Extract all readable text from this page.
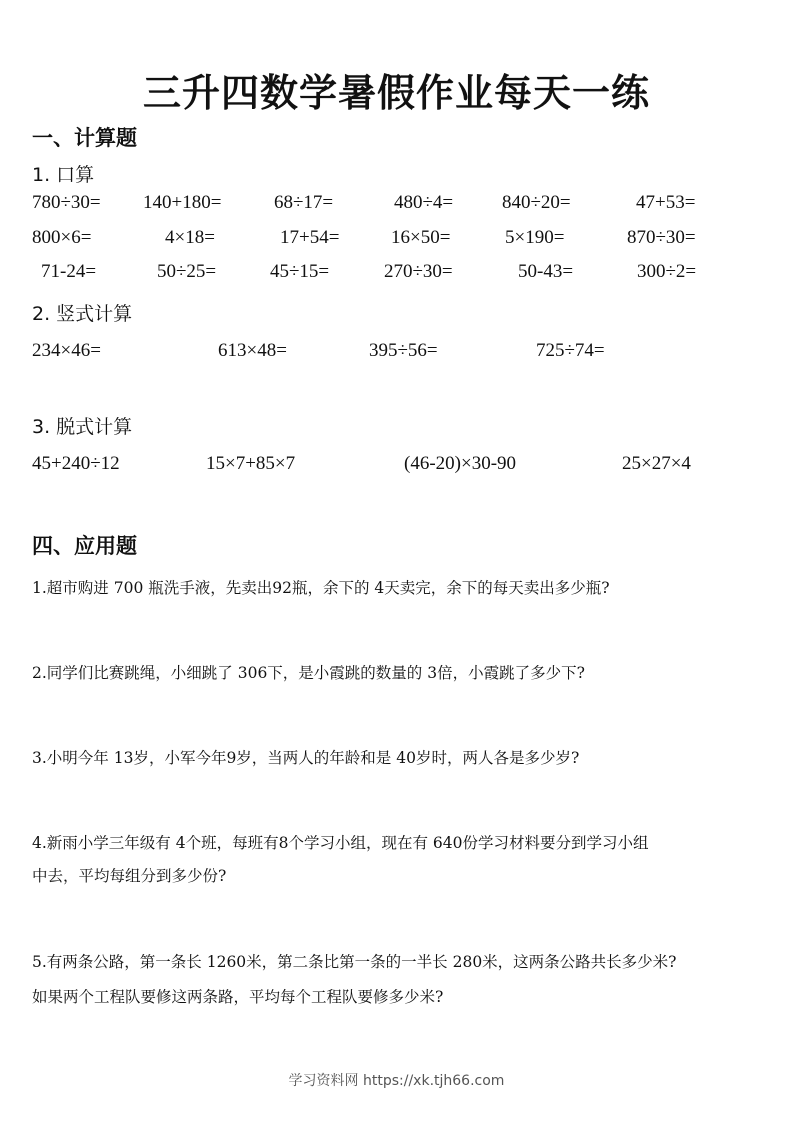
三升四数学暑假作业每天一练
一、计算题
1. 口算
780÷30= 140+180=	68÷17=	480÷4=	840÷20=	47+53=
800×6=	4×18=	17+54=	16×50=	5×190=	870÷30=
71-24=	50÷25=	45÷15=	270÷30=	50-43=	300÷2=
2. 竖式计算
234×46=	613×48=	395÷56=	725÷74=
3. 脱式计算
45+240÷12	15×7+85×7	(46-20)×30-90	25×27×4
四、应用题
1.超市购进 700 瓶洗手液，先卖出92瓶，余下的 4天卖完，余下的每天卖出多少瓶?
2.同学们比赛跳绳，小细跳了 306下，是小霞跳的数量的 3倍，小霞跳了多少下?
3.小明今年 13岁，小军今年9岁，当两人的年龄和是 40岁时，两人各是多少岁?
4.新雨小学三年级有 4个班，每班有8个学习小组，现在有 640份学习材料要分到学习小组
中去，平均每组分到多少份?
5.有两条公路，第一条长 1260米，第二条比第一条的一半长 280米，这两条公路共长多少米?
如果两个工程队要修这两条路，平均每个工程队要修多少米?
学习资料网 https://xk.tjh66.com
